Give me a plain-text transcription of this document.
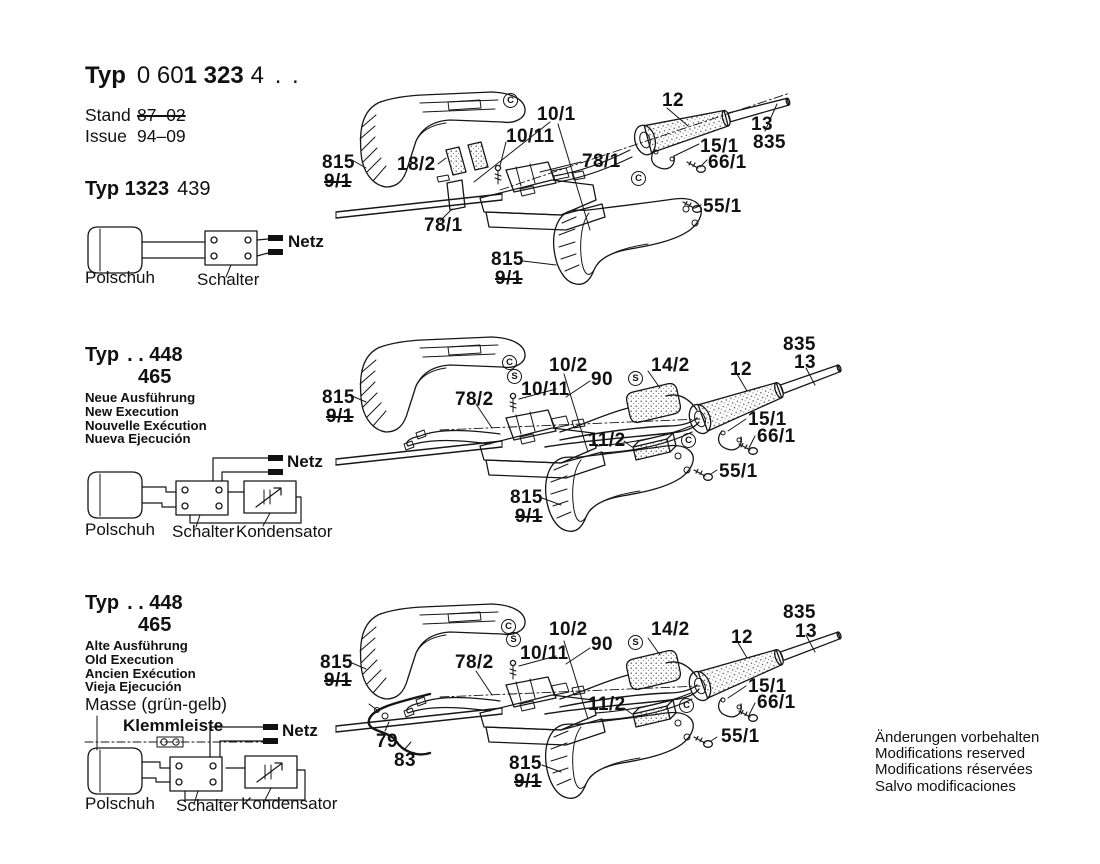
Typ 0 601 323 4 . .
Stand 87–02
Issue 94–09
Typ 1323 439
Polschuh Schalter
Netz
Typ . . 448
465
Neue Ausführung
New Execution
Nouvelle Exécution
Nueva Ejecución
Polschuh Schalter Kondensator
Netz
Typ . . 448
465
Alte Ausführung
Old Execution
Ancien Exécution
Vieja Ejecución
Masse (grün-gelb)
Klemmleiste
Polschuh Schalter Kondensator
Netz	Änderungen vorbehalten
Modifications reserved
Modifications réservées
Salvo modificaciones
815
9/1
18/2
78/1
10/11
10/1
78/1
12
13
835
15/1
66/1
55/1
815
9/1
C
C
815
9/1
78/2 10/11
10/2
90
14/2
11/2
12
835
13
15/1
66/1
55/1
815
9/1
C
S	S
C
815
9/1
78/2 10/11
10/2
90
14/2
11/2
79
83
12
835
13
15/1
66/1
55/1
815
9/1
C
S	S
C
